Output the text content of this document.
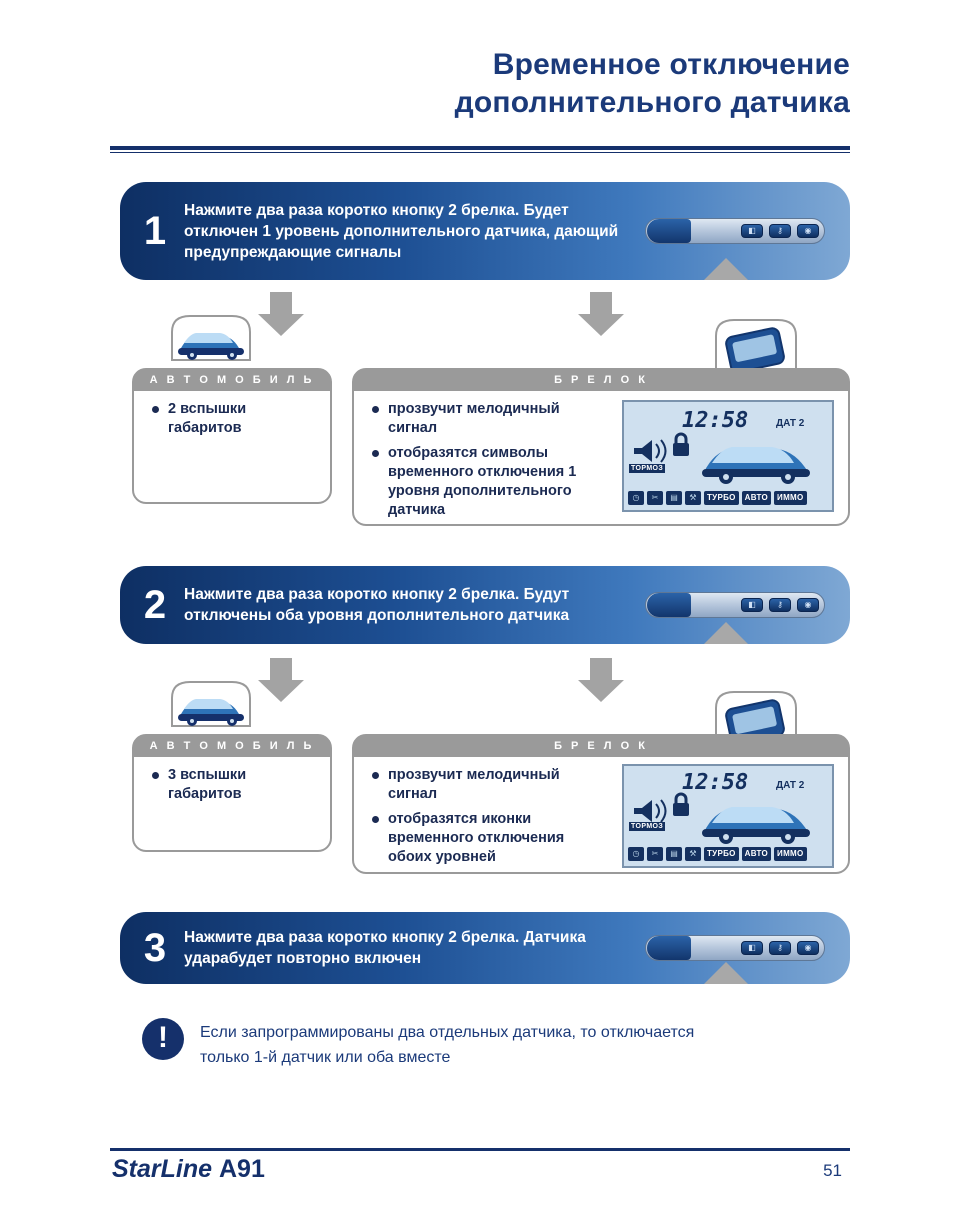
Временное отключение
дополнительного датчика
1	Нажмите два раза коротко кнопку 2 брелка. Будет отключен 1 уровень дополнительного датчика, дающий предупреждающие сигналы
◧	⚷	◉
А В Т О М О Б И Л Ь
2 вспышки габаритов
Б Р Е Л О К
прозвучит мелодичный сигнал
отобразятся символы временного отключения 1 уровня дополнительного датчика
12:58	ДАТ 2
ТОРМОЗ
◷	✂	▤	⚒	ТУРБО	АВТО	ИММО
2	Нажмите два раза коротко кнопку 2 брелка. Будут отключены оба уровня дополнительного датчика
◧	⚷	◉
А В Т О М О Б И Л Ь
3 вспышки габаритов
Б Р Е Л О К
прозвучит мелодичный сигнал
отобразятся иконки временного отключения обоих уровней
12:58	ДАТ 2
ТОРМОЗ
◷	✂	▤	⚒	ТУРБО	АВТО	ИММО
3	Нажмите два раза коротко кнопку 2 брелка. Датчика ударабудет повторно включен
◧	⚷	◉
!	Если запрограммированы два отдельных датчика, то отключается только 1-й датчик или оба вместе
StarLine A91	51
